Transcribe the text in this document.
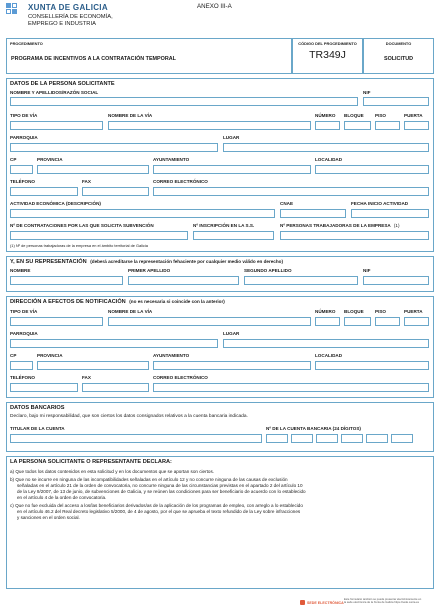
XUNTA DE GALICIA
CONSELLERÍA DE ECONOMÍA,
EMPREGO E INDUSTRIA
ANEXO III-A
PROCEDIMIENTO
PROGRAMA DE INCENTIVOS A LA CONTRATACIÓN TEMPORAL
CÓDIGO DEL PROCEDIMIENTO
TR349J
DOCUMENTO
SOLICITUD
DATOS DE LA PERSONA SOLICITANTE
NOMBRE Y APELLIDOS/RAZÓN SOCIAL	NIF
TIPO DE VÍA	NOMBRE DE LA VÍA	NÚMERO BLOQUE PISO	PUERTA
PARROQUIA	LUGAR
CP	PROVINCIA	AYUNTAMIENTO	LOCALIDAD
TELÉFONO	FAX	CORREO ELECTRÓNICO
ACTIVIDAD ECONÓMICA (DESCRIPCIÓN)	CNAE	FECHA INICIO ACTIVIDAD
Nº DE CONTRATACIONES POR LAS QUE SOLICITA SUBVENCIÓN	Nº INSCRIPCIÓN EN LA S.S.	Nº PERSONAS TRABAJADORAS DE LA EMPRESA (1)
(1) Nº de personas trabajadoras de la empresa en el ámbito territorial de Galicia
Y, EN SU REPRESENTACIÓN (deberá acreditarse la representación fehaciente por cualquier medio válido en derecho)
NOMBRE	PRIMER APELLIDO	SEGUNDO APELLIDO	NIF
DIRECCIÓN A EFECTOS DE NOTIFICACIÓN (no es necesaria si coincide con la anterior)
TIPO DE VÍA	NOMBRE DE LA VÍA	NÚMERO BLOQUE PISO	PUERTA
PARROQUIA	LUGAR
CP	PROVINCIA	AYUNTAMIENTO	LOCALIDAD
TELÉFONO	FAX	CORREO ELECTRÓNICO
DATOS BANCARIOS
Declaro, bajo mi responsabilidad, que son ciertos los datos consignados relativos a la cuenta bancaria indicada.
TITULAR DE LA CUENTA	Nº DE LA CUENTA BANCARIA (24 DÍGITOS)
LA PERSONA SOLICITANTE O REPRESENTANTE DECLARA:
a) Que todos los datos contenidos en esta solicitud y en los documentos que se aportan son ciertos.
b) Que no se incurre en ninguna de las incompatibilidades señaladas en el artículo 12 y no concurre ninguna de las causas de exclusión
señaladas en el artículo 21 de la orden de convocatoria, no concurre ninguna de las circunstancias previstas en el apartado 2 del artículo 10
de la Ley 9/2007, de 13 de junio, de subvenciones de Galicia, y se reúnen las condiciones para ser beneficiario de acuerdo con lo establecido
en el artículo 4 de la orden de convocatoria.
c) Que no fue excluida del acceso a los/las beneficiarios derivados/as de la aplicación de los programas de empleo, con arreglo a lo establecido
en el artículo 46.2 del Real decreto legislativo 5/2000, de 4 de agosto, por el que se aprueba el texto refundido de la Ley sobre infracciones
y sanciones en el orden social.
SEDE ELECTRÓNICA
Este formulario también se puede presentar electrónicamente en
la sede electrónica de la Xunta de Galicia https://sede.xunta.es
